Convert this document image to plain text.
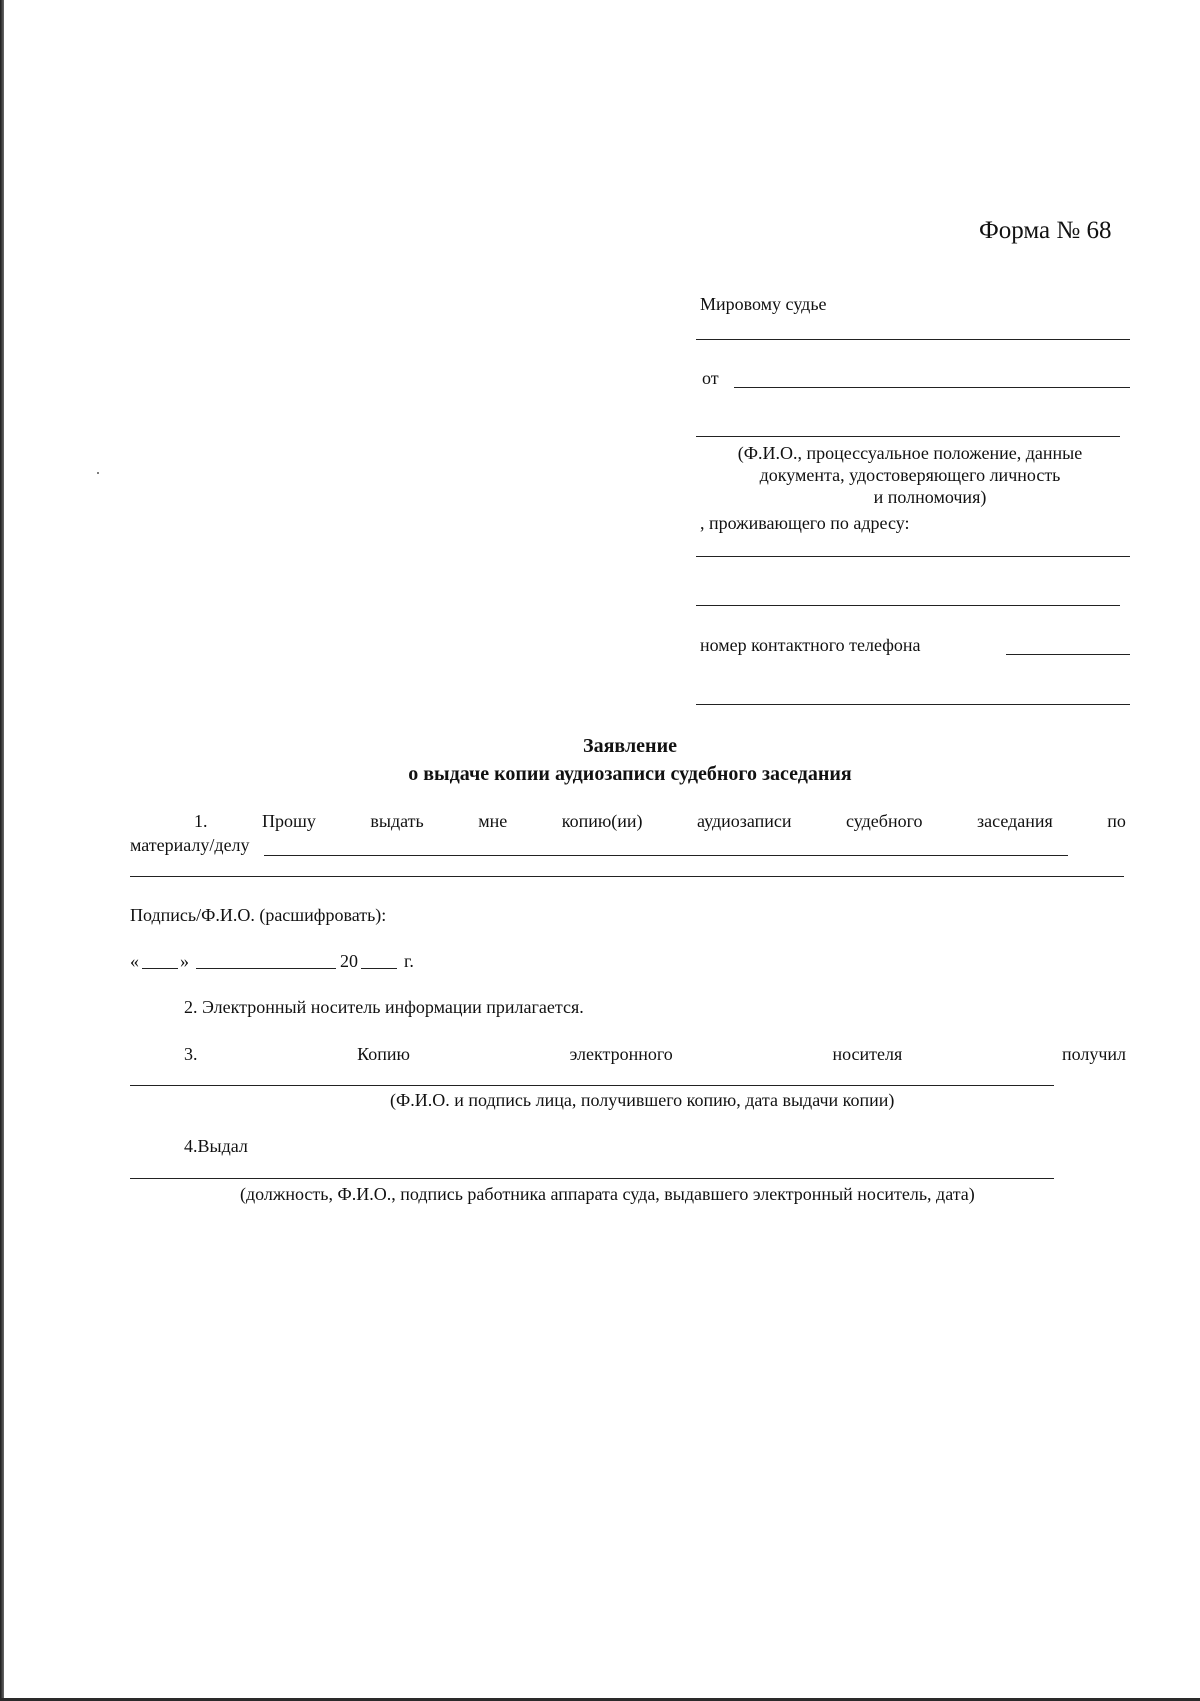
Форма № 68
Мировому судье
от
(Ф.И.О., процессуальное положение, данные
документа, удостоверяющего личность
и полномочия)
, проживающего по адресу:
номер контактного телефона
Заявление
о выдаче копии аудиозаписи судебного заседания
1.	Прошу	выдать	мне	копию(ии)	аудиозаписи	судебного	заседания	по
материалу/делу
Подпись/Ф.И.О. (расшифровать):
« »	20	г.
2. Электронный носитель информации прилагается.
3.	Копию	электронного	носителя	получил
(Ф.И.О. и подпись лица, получившего копию, дата выдачи копии)
4.Выдал
(должность, Ф.И.О., подпись работника аппарата суда, выдавшего электронный носитель, дата)
